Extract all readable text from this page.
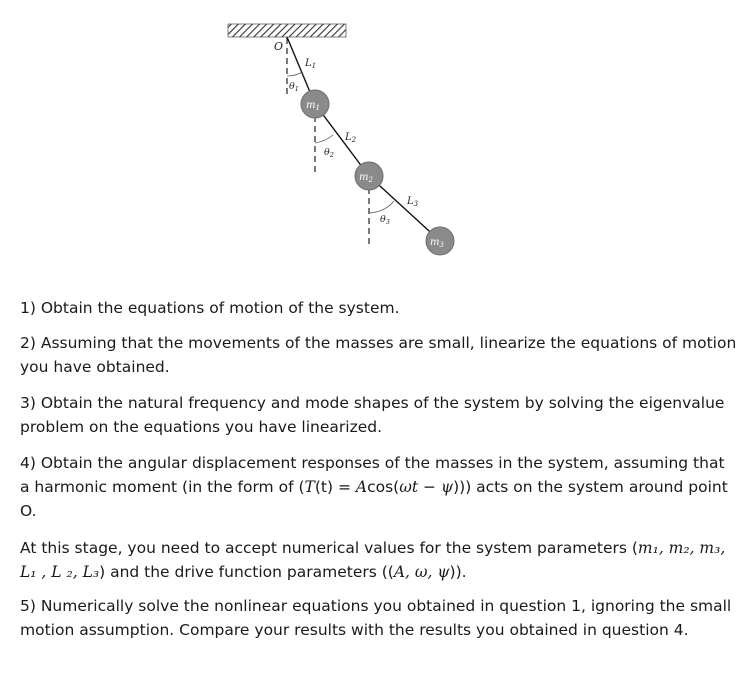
O
$L_1$
$L_2$
$L_3$
$\theta_1$
$\theta_2$
$\theta_3$
$m_1$
$m_2$
$m_3$

1) Obtain the equations of motion of the system.

2) Assuming that the movements of the masses are small, linearize the equations of motion
you have obtained.

3) Obtain the natural frequency and mode shapes of the system by solving the eigenvalue
problem on the equations you have linearized.

4) Obtain the angular displacement responses of the masses in the system, assuming that
a harmonic moment (in the form of (T(t) = Acos(ωt − ψ))) acts on the system around point
O.

At this stage, you need to accept numerical values for the system parameters (m₁, m₂, m₃,
L₁ , L ₂, L₃) and the drive function parameters ((A, ω, ψ)).

5) Numerically solve the nonlinear equations you obtained in question 1, ignoring the small
motion assumption. Compare your results with the results you obtained in question 4.
